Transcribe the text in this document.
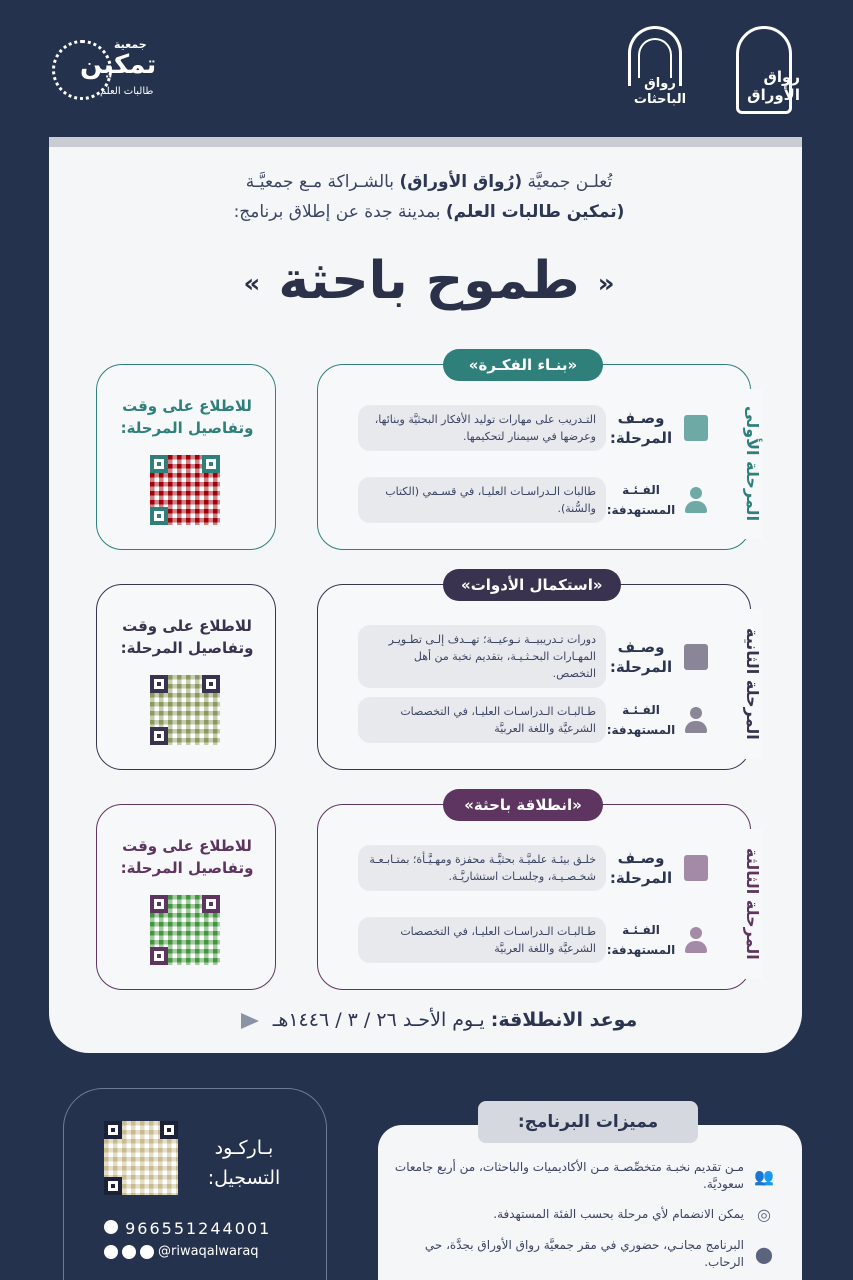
جمعية
تمكين
طالبات العلم
رواق الباحثات
رواق الأوراق
تُعلـن جمعيَّة (رُواق الأوراق) بالشـراكة مـع جمعيَّـة
(تمكين طالبات العلم) بمدينة جدة عن إطلاق برنامج:
« طموح باحثة »
موعد الانطلاقة: يـوم الأحـد ٢٦ / ٣ / ١٤٤٦هـ
«بنـاء الفكـرة»
المرحلة الأولى
وصـف المرحلة:
التـدريب على مهارات توليد الأفكار البحثيَّة وبنائها، وعرضها في سيمنار لتحكيمها.
الفـئـة المستهدفة:
طالبات الـدراسـات العليـا، في قسـمي (الكتاب والسُّنة).
للاطلاع على وقت وتفاصيل المرحلة:
«استكمال الأدوات»
المرحلة الثانية
وصـف المرحلة:
دورات تـدريبيــة نـوعيــة؛ تهــدف إلـى تطـويـر المهـارات البحـثـيـة، بتقديم نخبة من أهل التخصص.
الفـئـة المستهدفة:
طـالبـات الـدراسـات العليـا، في التخصصات الشرعيَّة واللغة العربيَّة
للاطلاع على وقت وتفاصيل المرحلة:
«انطلاقة باحثة»
المرحلة الثالثة
وصـف المرحلة:
خلـق بيئـة علميَّـة بحثيَّـة محفزة ومهـيَّـأة؛ بمتـابـعـة شخـصـيـة، وجلسـات استشاريَّـة.
الفـئـة المستهدفة:
طـالبـات الـدراسـات العليـا، في التخصصات الشرعيَّة واللغة العربيَّة
للاطلاع على وقت وتفاصيل المرحلة:
بـاركـود التسجيل:
966551244001
@riwaqalwaraq
مميزات البرنامج:
👥
مـن تقديم نخبـة متخصِّصـة مـن الأكاديميات والباحثات، من أربع جامعات سعوديَّة.
◎
يمكن الانضمام لأي مرحلة بحسب الفئة المستهدفة.
⬤
البرنامج مجانـي، حضوري في مقر جمعيَّة رواق الأوراق بجدَّة، حي الرحاب.
